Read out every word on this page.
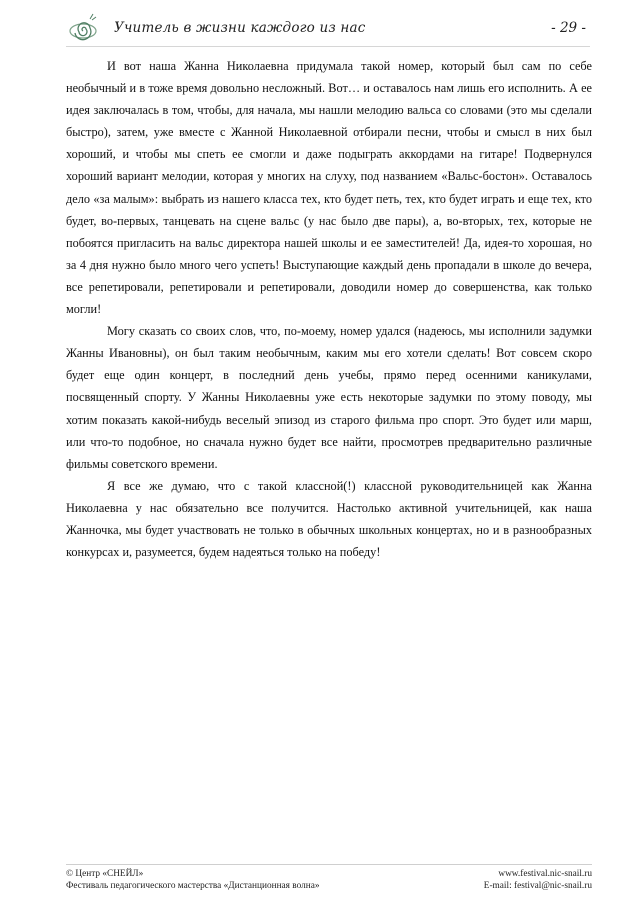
Учитель в жизни каждого из нас	- 29 -

И вот наша Жанна Николаевна придумала такой номер, который был сам по себе необычный и в тоже время довольно несложный. Вот… и оставалось нам лишь его исполнить. А ее идея заключалась в том, чтобы, для начала, мы нашли мелодию вальса со словами (это мы сделали быстро), затем, уже вместе с Жанной Николаевной отбирали песни, чтобы и смысл в них был хороший, и чтобы мы спеть ее смогли и даже подыграть аккордами на гитаре! Подвернулся хороший вариант мелодии, которая у многих на слуху, под названием «Вальс-бостон». Оставалось дело «за малым»: выбрать из нашего класса тех, кто будет петь, тех, кто будет играть и еще тех, кто будет, во-первых, танцевать на сцене вальс (у нас было две пары), а, во-вторых, тех, которые не побоятся пригласить на вальс директора нашей школы и ее заместителей! Да, идея-то хорошая, но за 4 дня нужно было много чего успеть! Выступающие каждый день пропадали в школе до вечера, все репетировали, репетировали и репетировали, доводили номер до совершенства, как только могли!

Могу сказать со своих слов, что, по-моему, номер удался (надеюсь, мы исполнили задумки Жанны Ивановны), он был таким необычным, каким мы его хотели сделать! Вот совсем скоро будет еще один концерт, в последний день учебы, прямо перед осенними каникулами, посвященный спорту. У Жанны Николаевны уже есть некоторые задумки по этому поводу, мы хотим показать какой-нибудь веселый эпизод из старого фильма про спорт. Это будет или марш, или что-то подобное, но сначала нужно будет все найти, просмотрев предварительно различные фильмы советского времени.

Я все же думаю, что с такой классной(!) классной руководительницей как Жанна Николаевна у нас обязательно все получится. Настолько активной учительницей, как наша Жанночка, мы будет участвовать не только в обычных школьных концертах, но и в разнообразных конкурсах и, разумеется, будем надеяться только на победу!

© Центр «СНЕЙЛ»
Фестиваль педагогического мастерства «Дистанционная волна»
www.festival.nic-snail.ru
E-mail: festival@nic-snail.ru
